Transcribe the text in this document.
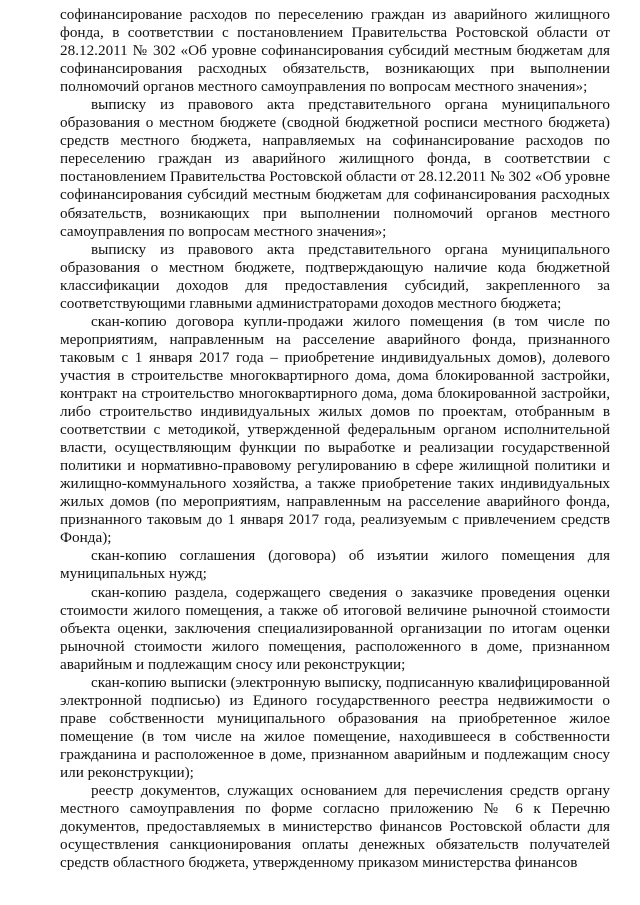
софинансирование расходов по переселению граждан из аварийного жилищного фонда, в соответствии с постановлением Правительства Ростовской области от 28.12.2011 № 302 «Об уровне софинансирования субсидий местным бюджетам для софинансирования расходных обязательств, возникающих при выполнении полномочий органов местного самоуправления по вопросам местного значения»;

выписку из правового акта представительного органа муниципального образования о местном бюджете (сводной бюджетной росписи местного бюджета) средств местного бюджета, направляемых на софинансирование расходов по переселению граждан из аварийного жилищного фонда, в соответствии с постановлением Правительства Ростовской области от 28.12.2011 № 302 «Об уровне софинансирования субсидий местным бюджетам для софинансирования расходных обязательств, возникающих при выполнении полномочий органов местного самоуправления по вопросам местного значения»;

выписку из правового акта представительного органа муниципального образования о местном бюджете, подтверждающую наличие кода бюджетной классификации доходов для предоставления субсидий, закрепленного за соответствующими главными администраторами доходов местного бюджета;

скан-копию договора купли-продажи жилого помещения (в том числе по мероприятиям, направленным на расселение аварийного фонда, признанного таковым с 1 января 2017 года – приобретение индивидуальных домов), долевого участия в строительстве многоквартирного дома, дома блокированной застройки, контракт на строительство многоквартирного дома, дома блокированной застройки, либо строительство индивидуальных жилых домов по проектам, отобранным в соответствии с методикой, утвержденной федеральным органом исполнительной власти, осуществляющим функции по выработке и реализации государственной политики и нормативно-правовому регулированию в сфере жилищной политики и жилищно-коммунального хозяйства, а также приобретение таких индивидуальных жилых домов (по мероприятиям, направленным на расселение аварийного фонда, признанного таковым до 1 января 2017 года, реализуемым с привлечением средств Фонда);

скан-копию соглашения (договора) об изъятии жилого помещения для муниципальных нужд;

скан-копию раздела, содержащего сведения о заказчике проведения оценки стоимости жилого помещения, а также об итоговой величине рыночной стоимости объекта оценки, заключения специализированной организации по итогам оценки рыночной стоимости жилого помещения, расположенного в доме, признанном аварийным и подлежащим сносу или реконструкции;

скан-копию выписки (электронную выписку, подписанную квалифицированной электронной подписью) из Единого государственного реестра недвижимости о праве собственности муниципального образования на приобретенное жилое помещение (в том числе на жилое помещение, находившееся в собственности гражданина и расположенное в доме, признанном аварийным и подлежащим сносу или реконструкции);

реестр документов, служащих основанием для перечисления средств органу местного самоуправления по форме согласно приложению № 6 к Перечню документов, предоставляемых в министерство финансов Ростовской области для осуществления санкционирования оплаты денежных обязательств получателей средств областного бюджета, утвержденному приказом министерства финансов
